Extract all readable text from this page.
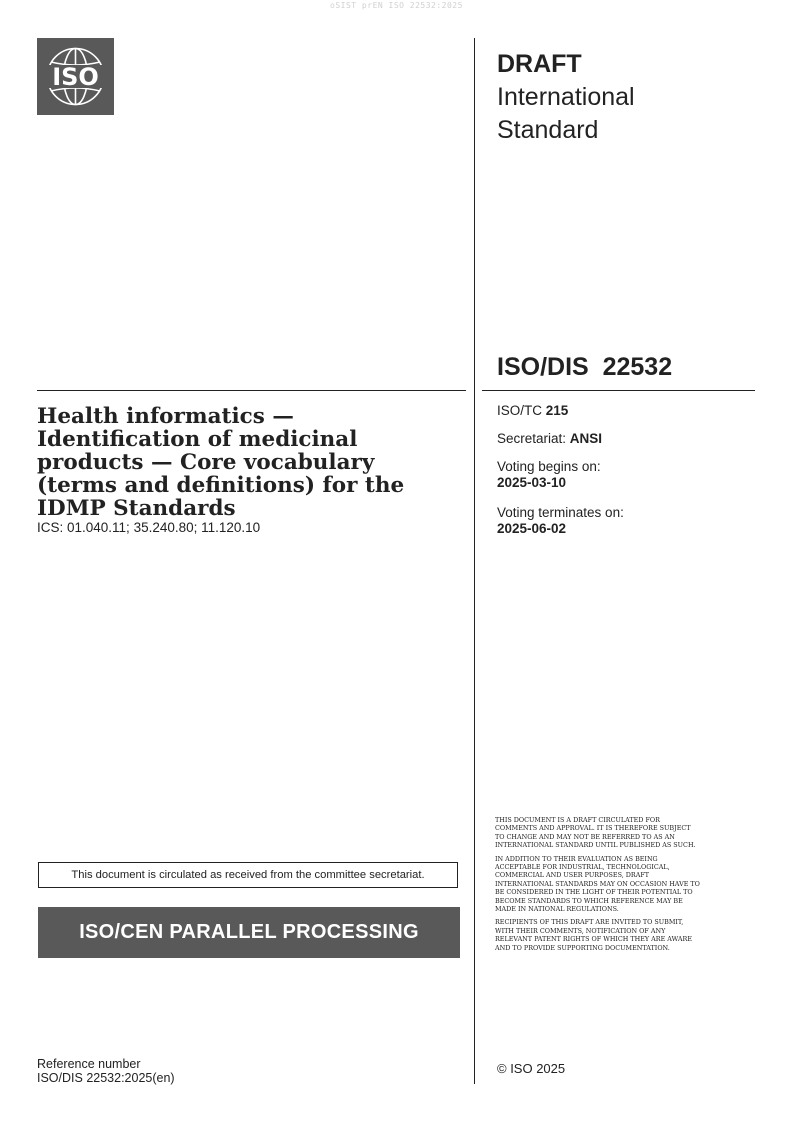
oSIST prEN ISO 22532:2025
ISO	DRAFT
International
Standard
ISO/DIS  22532
Health informatics — Identification of medicinal products — Core vocabulary (terms and definitions) for the IDMP Standards
ICS: 01.040.11; 35.240.80; 11.120.10
ISO/TC 215
Secretariat: ANSI
Voting begins on:
2025-03-10
Voting terminates on:
2025-06-02
This document is circulated as received from the committee secretariat.
ISO/CEN PARALLEL PROCESSING

THIS DOCUMENT IS A DRAFT CIRCULATED FOR COMMENTS AND APPROVAL. IT IS THEREFORE SUBJECT TO CHANGE AND MAY NOT BE REFERRED TO AS AN INTERNATIONAL STANDARD UNTIL PUBLISHED AS SUCH.

IN ADDITION TO THEIR EVALUATION AS BEING ACCEPTABLE FOR INDUSTRIAL, TECHNOLOGICAL, COMMERCIAL AND USER PURPOSES, DRAFT INTERNATIONAL STANDARDS MAY ON OCCASION HAVE TO BE CONSIDERED IN THE LIGHT OF THEIR POTENTIAL TO BECOME STANDARDS TO WHICH REFERENCE MAY BE MADE IN NATIONAL REGULATIONS.

RECIPIENTS OF THIS DRAFT ARE INVITED TO SUBMIT, WITH THEIR COMMENTS, NOTIFICATION OF ANY RELEVANT PATENT RIGHTS OF WHICH THEY ARE AWARE AND TO PROVIDE SUPPORTING DOCUMENTATION.

© ISO 2025
Reference number
ISO/DIS 22532:2025(en)
